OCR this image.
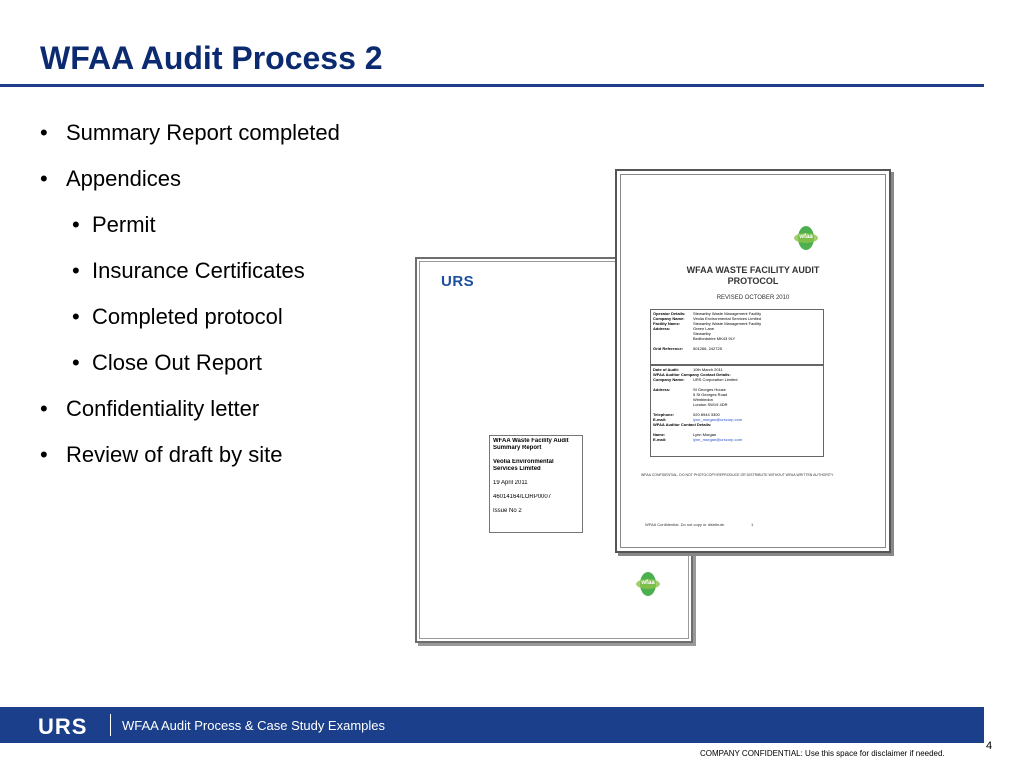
WFAA Audit Process 2
• Summary Report completed
• Appendices
• Permit
• Insurance Certificates
• Completed protocol
• Close Out Report
• Confidentiality letter
• Review of draft by site
URS
WFAA Waste Facility Audit
Summary Report
Veolia Environmental
Services Limited
19 April 2011
46014164/LORP0007
Issue No 2
wfaa
wfaa
WFAA WASTE FACILITY AUDIT
PROTOCOL
REVISED OCTOBER 2010
Operator Details: Stewartby Waste Management Facility
Company Name: Veolia Environmental Services Limited
Facility Name:	Stewartby Waste Management Facility
Address:	Green Lane
Stewartby
Bedfordshire MK43 9LY
Grid Reference: 501266, 242725
Date of Audit:	10th March 2011
WFAA Auditor Company Contact Details:
Company Name: URS Corporation Limited
Address:	St Georges House
5 St Georges Road
Wimbledon
London SW19 4DR
Telephone:	020 8944 3300
E-mail:	lynn_morgan@urscorp.com
WFAA Auditor Contact Details:
Name:	Lynn Morgan
E-mail:	lynn_morgan@urscorp.com
WFAA CONFIDENTIAL. DO NOT PHOTOCOPY/REPRODUCE OR DISTRIBUTE WITHOUT WFAA WRITTEN AUTHORITY
WFAA Confidential. Do not copy or distribute.	1
URS	WFAA Audit Process & Case Study Examples
4
COMPANY CONFIDENTIAL: Use this space for disclaimer if needed.
